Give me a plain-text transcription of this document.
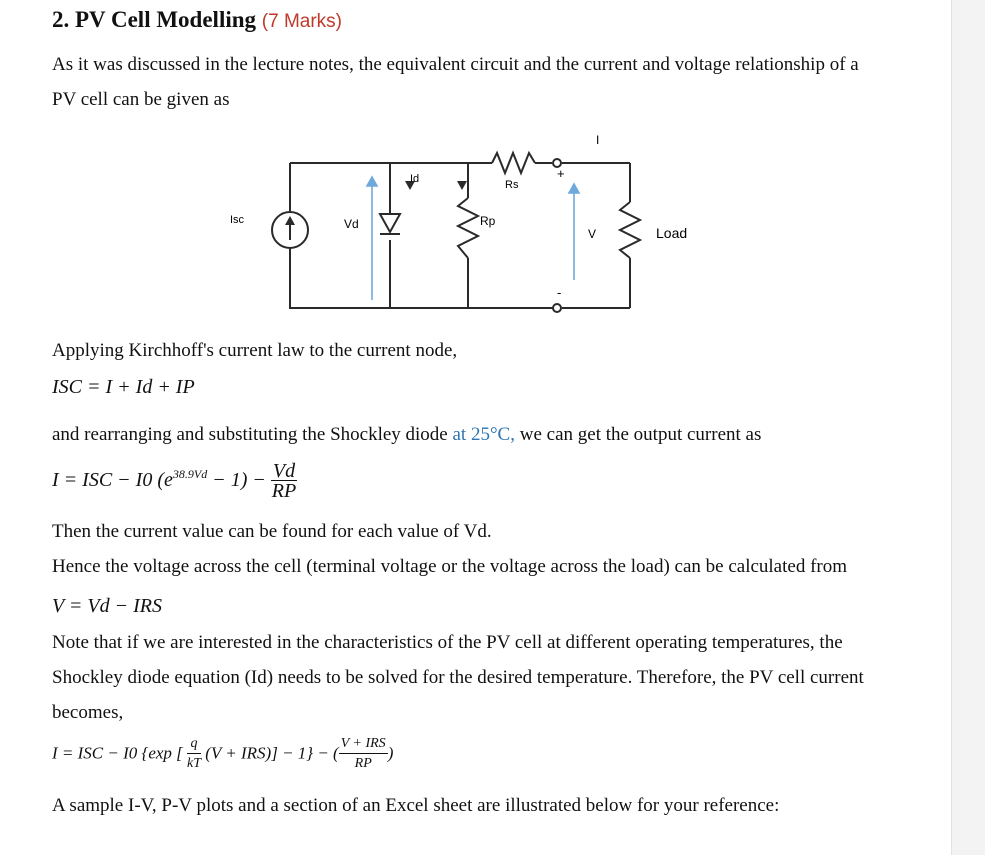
2. PV Cell Modelling (7 Marks)
As it was discussed in the lecture notes, the equivalent circuit and the current and voltage relationship of a
PV cell can be given as
Isc	Vd
Id	Rs
Rp
I
+
-
V	Load
Applying Kirchhoff's current law to the current node,
ISC = I + Id + IP
and rearranging and substituting the Shockley diode at 25°C, we can get the output current as
I = ISC − I0 $(e^{38.9Vd} - 1) - \frac{Vd}{RP}$
Then the current value can be found for each value of Vd.
Hence the voltage across the cell (terminal voltage or the voltage across the load) can be calculated from
V = Vd − IRS
Note that if we are interested in the characteristics of the PV cell at different operating temperatures, the
Shockley diode equation (Id) needs to be solved for the desired temperature. Therefore, the PV cell current
becomes,
I = ISC − I0 {exp [ $\frac{q}{kT} (V + IRS)] - 1$} − ( $\frac{\text{V + IRS}}{RP}$ )
A sample I-V, P-V plots and a section of an Excel sheet are illustrated below for your reference:
